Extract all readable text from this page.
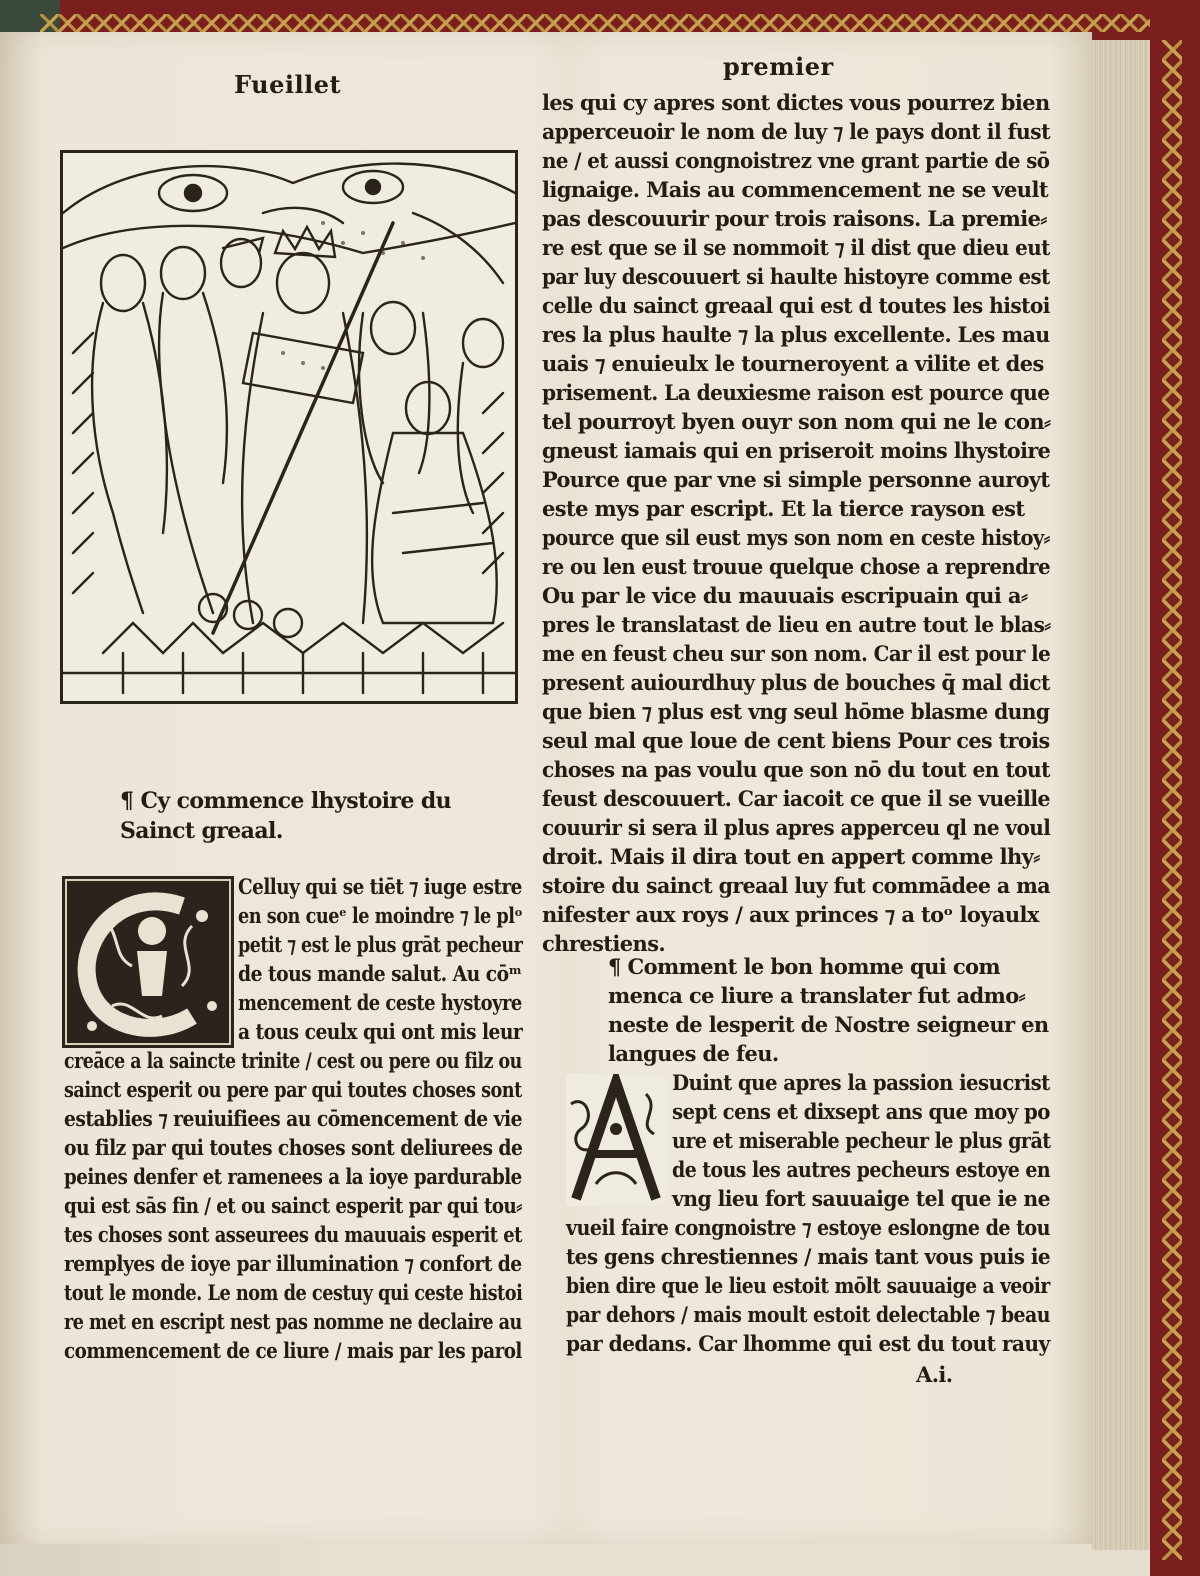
Fueillet
premier
¶ Cy commence lhystoire du
Sainct greaal.
Celluy qui se tiēt ⁊ iuge estre
en son cueᵉ le moindre ⁊ le plᵒ
petit ⁊ est le plus grāt pecheur
de tous mande salut. Au cōᵐ
mencement de ceste hystoyre
a tous ceulx qui ont mis leur
creāce a la saincte trinite / cest ou pere ou filz ou
sainct esperit ou pere par qui toutes choses sont
establies ⁊ reuiuifiees au cōmencement de vie
ou filz par qui toutes choses sont deliurees de
peines denfer et ramenees a la ioye pardurable
qui est sās fin / et ou sainct esperit par qui tou⸗
tes choses sont asseurees du mauuais esperit et
remplyes de ioye par illumination ⁊ confort de
tout le monde. Le nom de cestuy qui ceste histoi
re met en escript nest pas nomme ne declaire au
commencement de ce liure / mais par les parol
les qui cy apres sont dictes vous pourrez bien
apperceuoir le nom de luy ⁊ le pays dont il fust
ne / et aussi congnoistrez vne grant partie de sō
lignaige. Mais au commencement ne se veult
pas descouurir pour trois raisons. La premie⸗
re est que se il se nommoit ⁊ il dist que dieu eut
par luy descouuert si haulte histoyre comme est
celle du sainct greaal qui est d toutes les histoi
res la plus haulte ⁊ la plus excellente. Les mau
uais ⁊ enuieulx le tourneroyent a vilite et des
prisement. La deuxiesme raison est pource que
tel pourroyt byen ouyr son nom qui ne le con⸗
gneust iamais qui en priseroit moins lhystoire
Pource que par vne si simple personne auroyt
este mys par escript. Et la tierce rayson est
pource que sil eust mys son nom en ceste histoy⸗
re ou len eust trouue quelque chose a reprendre
Ou par le vice du mauuais escripuain qui a⸗
pres le translatast de lieu en autre tout le blas⸗
me en feust cheu sur son nom. Car il est pour le
present auiourdhuy plus de bouches q̄ mal dict
que bien ⁊ plus est vng seul hōme blasme dung
seul mal que loue de cent biens Pour ces trois
choses na pas voulu que son nō du tout en tout
feust descouuert. Car iacoit ce que il se vueille
couurir si sera il plus apres apperceu ql ne voul
droit. Mais il dira tout en appert comme lhy⸗
stoire du sainct greaal luy fut commādee a ma
nifester aux roys / aux princes ⁊ a toᵒ loyaulx
chrestiens.
¶ Comment le bon homme qui com
menca ce liure a translater fut admo⸗
neste de lesperit de Nostre seigneur en
langues de feu.
Duint que apres la passion iesucrist
sept cens et dixsept ans que moy po
ure et miserable pecheur le plus grāt
de tous les autres pecheurs estoye en
vng lieu fort sauuaige tel que ie ne
vueil faire congnoistre ⁊ estoye eslongne de tou
tes gens chrestiennes / mais tant vous puis ie
bien dire que le lieu estoit mōlt sauuaige a veoir
par dehors / mais moult estoit delectable ⁊ beau
par dedans. Car lhomme qui est du tout rauy
A.i.
